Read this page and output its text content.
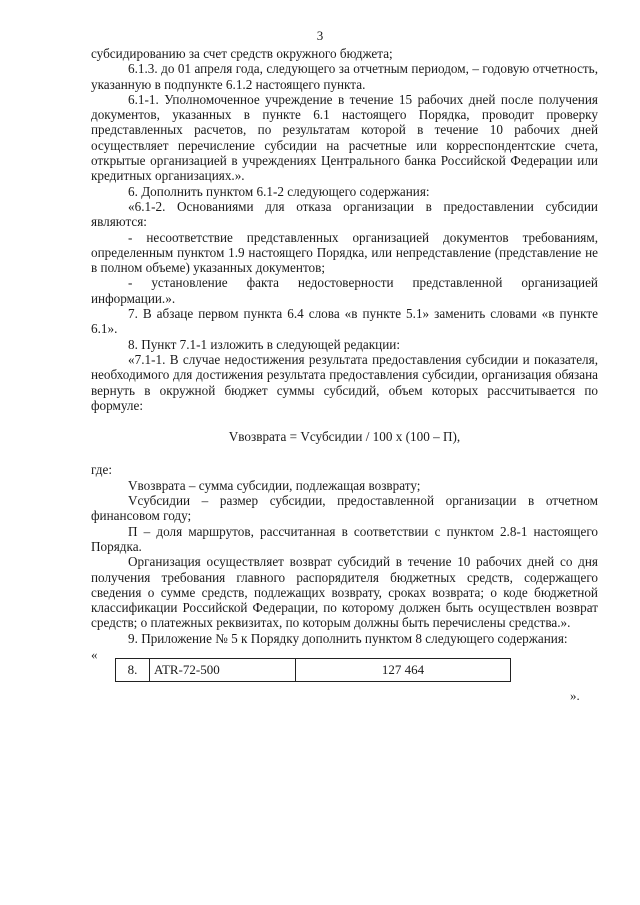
3

субсидированию за счет средств окружного бюджета;

6.1.3. до 01 апреля года, следующего за отчетным периодом, – годовую отчетность, указанную в подпункте 6.1.2 настоящего пункта.

6.1-1. Уполномоченное учреждение в течение 15 рабочих дней после получения документов, указанных в пункте 6.1 настоящего Порядка, проводит проверку представленных расчетов, по результатам которой в течение 10 рабочих дней осуществляет перечисление субсидии на расчетные или корреспондентские счета, открытые организацией в учреждениях Центрального банка Российской Федерации или кредитных организациях.».

6. Дополнить пунктом 6.1-2 следующего содержания:

«6.1-2. Основаниями для отказа организации в предоставлении субсидии являются:

- несоответствие представленных организацией документов требованиям, определенным пунктом 1.9 настоящего Порядка, или непредставление (представление не в полном объеме) указанных документов;

- установление факта недостоверности представленной организацией информации.».

7. В абзаце первом пункта 6.4 слова «в пункте 5.1» заменить словами «в пункте 6.1».

8. Пункт 7.1-1 изложить в следующей редакции:

«7.1-1. В случае недостижения результата предоставления субсидии и показателя, необходимого для достижения результата предоставления субсидии, организация обязана вернуть в окружной бюджет суммы субсидий, объем которых рассчитывается по формуле:

Vвозврата = Vсубсидии / 100 х (100 – П),

где:

Vвозврата – сумма субсидии, подлежащая возврату;

Vсубсидии – размер субсидии, предоставленной организации в отчетном финансовом году;

П – доля маршрутов, рассчитанная в соответствии с пунктом 2.8-1 настоящего Порядка.

Организация осуществляет возврат субсидий в течение 10 рабочих дней со дня получения требования главного распорядителя бюджетных средств, содержащего сведения о сумме средств, подлежащих возврату, сроках возврата; о коде бюджетной классификации Российской Федерации, по которому должен быть осуществлен возврат средств; о платежных реквизитах, по которым должны быть перечислены средства.».

9. Приложение № 5 к Порядку дополнить пунктом 8 следующего содержания:

«
8.	ATR-72-500	127 464
».
